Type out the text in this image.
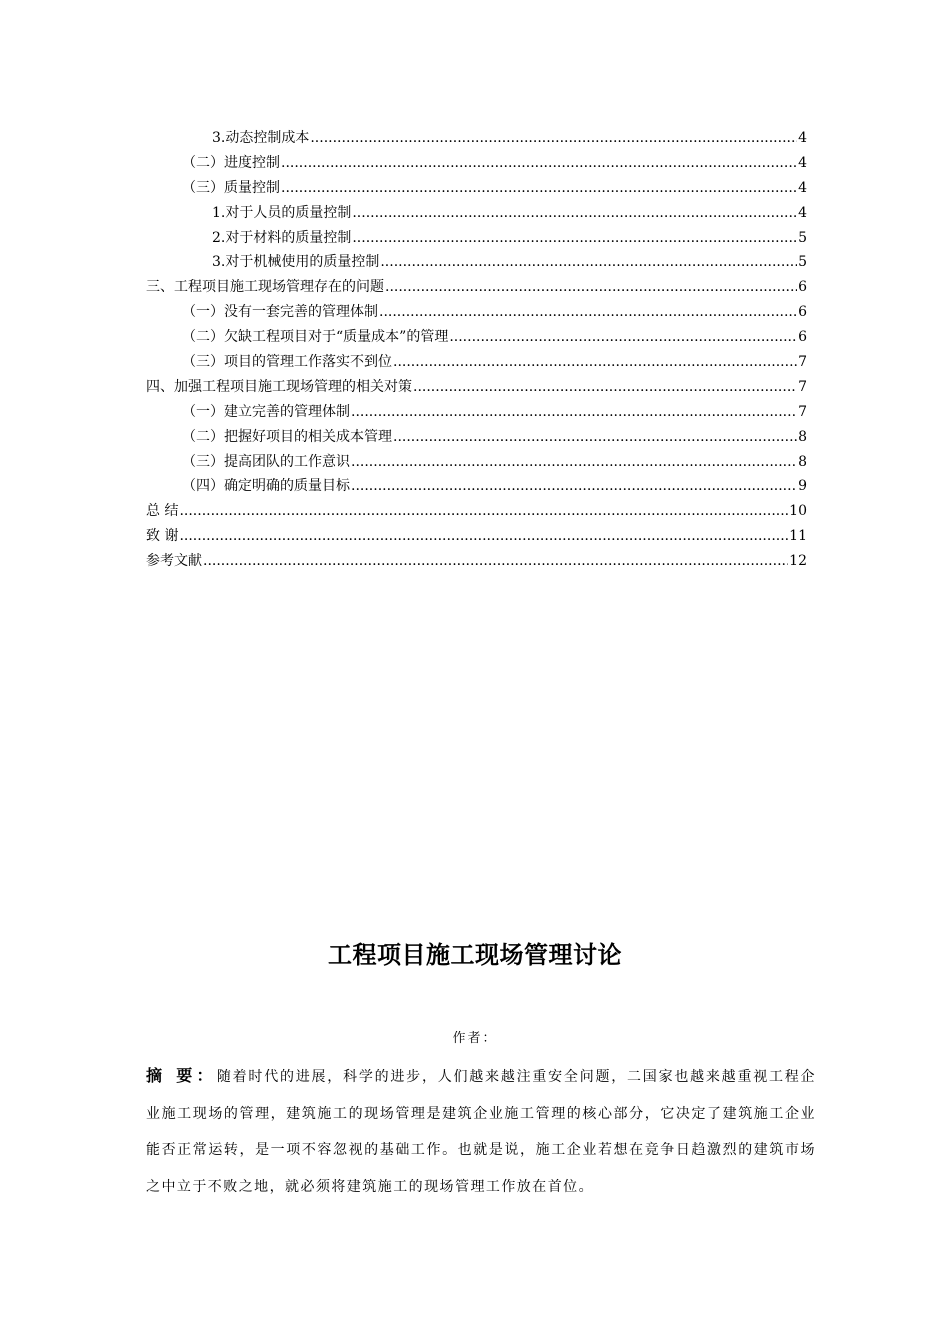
3.动态控制成本 .....	4
（二）进度控制 .....	4
（三）质量控制 .....	4
1.对于人员的质量控制 .....	4
2.对于材料的质量控制 .....	5
3.对于机械使用的质量控制 .....	5
三、工程项目施工现场管理存在的问题 .....	6
（一）没有一套完善的管理体制 .....	6
（二）欠缺工程项目对于“质量成本”的管理 .....	6
（三）项目的管理工作落实不到位 .....	7
四、加强工程项目施工现场管理的相关对策 .....	7
（一）建立完善的管理体制 .....	7
（二）把握好项目的相关成本管理 .....	8
（三）提高团队的工作意识 .....	8
（四）确定明确的质量目标 .....	9
总 结 .....	10
致 谢 .....	11
参考文献 .....	12
工程项目施工现场管理讨论
作者：
摘 要：随着时代的进展，科学的进步，人们越来越注重安全问题，二国家也越来越重视工程企业施工现场的管理，建筑施工的现场管理是建筑企业施工管理的核心部分，它决定了建筑施工企业能否正常运转，是一项不容忽视的基础工作。也就是说，施工企业若想在竞争日趋激烈的建筑市场之中立于不败之地，就必须将建筑施工的现场管理工作放在首位。
